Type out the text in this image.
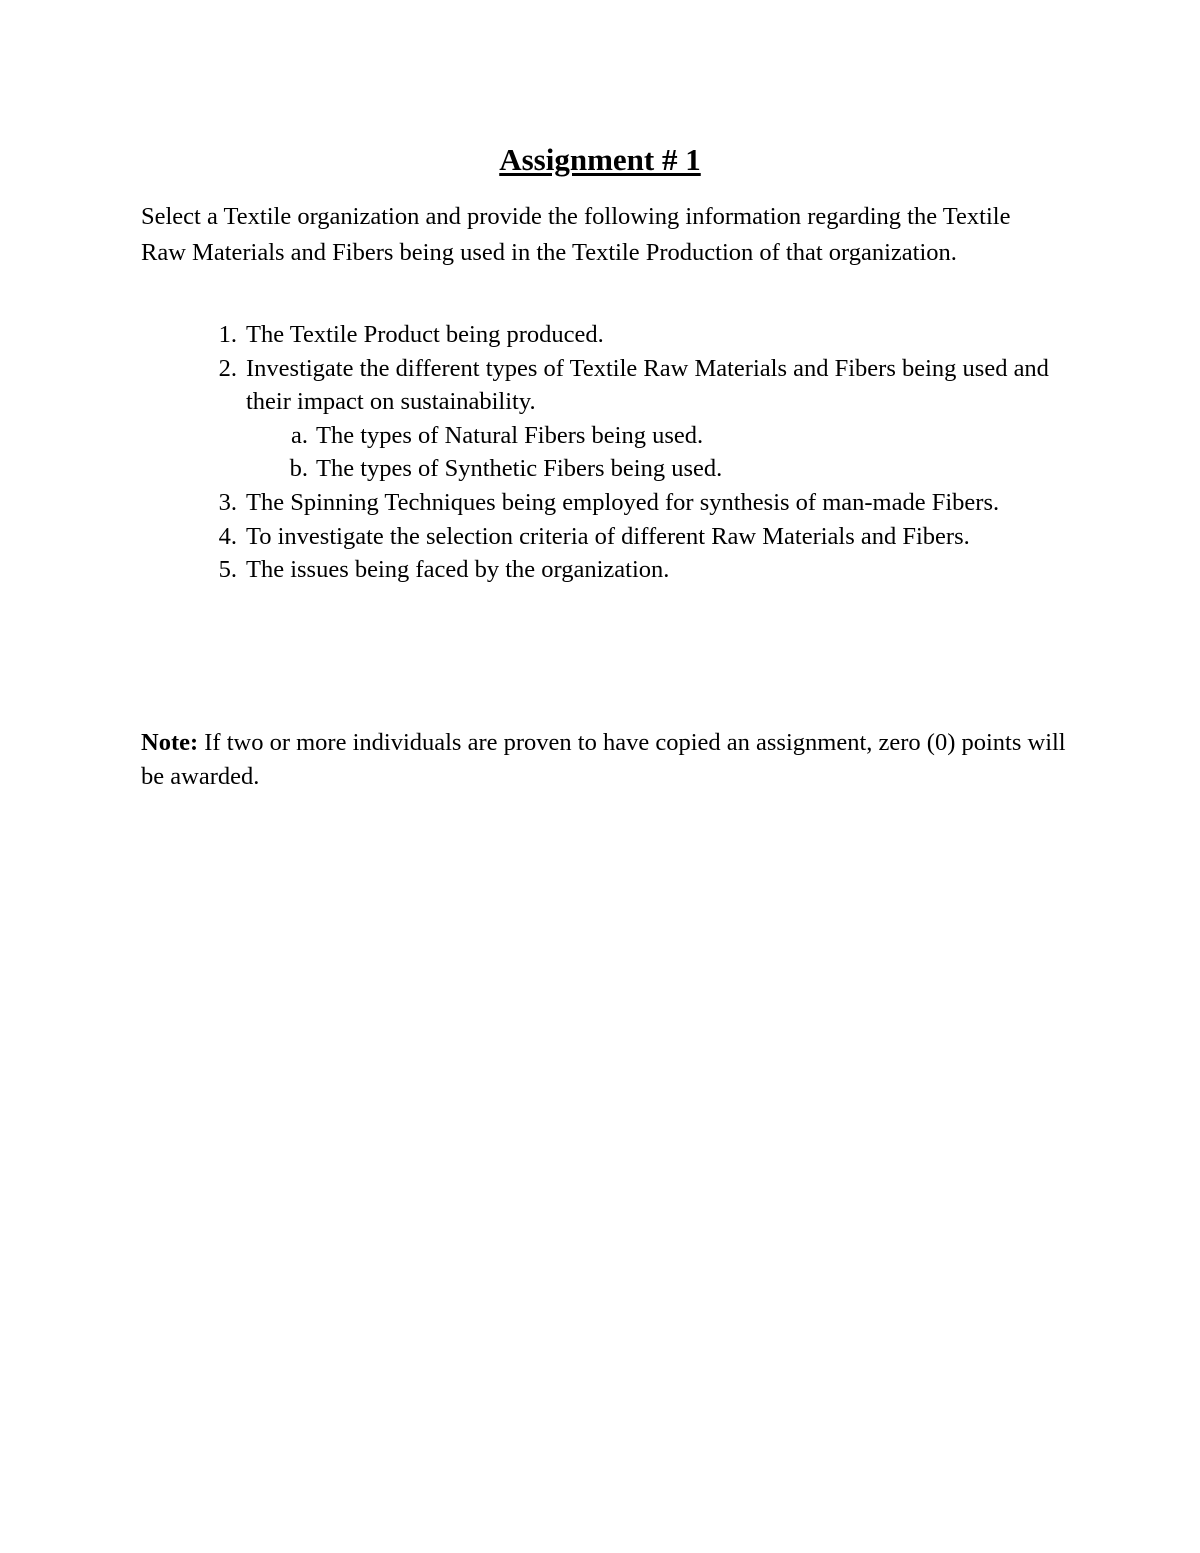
Assignment # 1

Select a Textile organization and provide the following information regarding the Textile Raw Materials and Fibers being used in the Textile Production of that organization.

1. The Textile Product being produced.
2. Investigate the different types of Textile Raw Materials and Fibers being used and their impact on sustainability.
a. The types of Natural Fibers being used.
b. The types of Synthetic Fibers being used.
3. The Spinning Techniques being employed for synthesis of man-made Fibers.
4. To investigate the selection criteria of different Raw Materials and Fibers.
5. The issues being faced by the organization.

Note: If two or more individuals are proven to have copied an assignment, zero (0) points will be awarded.
